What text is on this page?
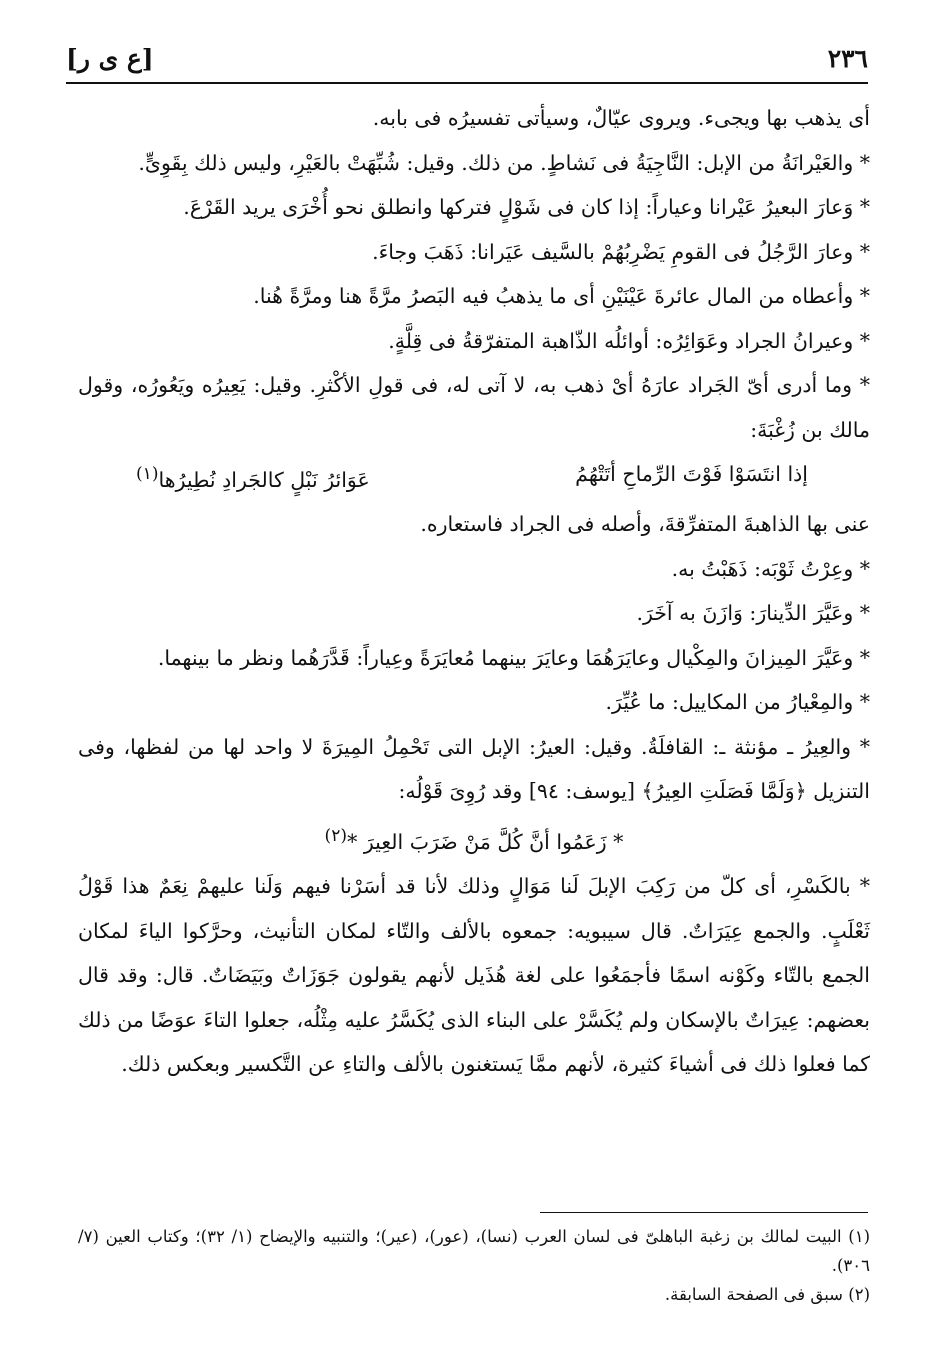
٢٣٦
[ع ى ر]

أى يذهب بها ويجىء. ويروى عيّالٌ، وسيأتى تفسيرُه فى بابه.

* والعَيْرانَةُ من الإبل: النَّاجِيَةُ فى نَشاطٍ. من ذلك. وقيل: شُبِّهَتْ بالعَيْرِ، وليس ذلك بِقَوِىٍّ.

* وَعارَ البعيرُ عَيْرانا وعياراً: إذا كان فى شَوْلٍ فتركها وانطلق نحو أُخْرَى يريد القَرْعَ.

* وعارَ الرَّجُلُ فى القومِ يَضْرِبُهُمْ بالسَّيف عَيَرانا: ذَهَبَ وجاءَ.

* وأعطاه من المال عائرةَ عَيْنَيْنِ أى ما يذهبُ فيه البَصرُ مرَّةً هنا ومرَّةً هُنا.

* وعيرانُ الجراد وعَوَائِرُه: أوائلُه الذّاهبة المتفرّقةُ فى قِلَّةٍ.

* وما أدرى أىّ الجَراد عارَهُ أىْ ذهب به، لا آتى له، فى قولِ الأكْثرِ. وقيل: يَعِيرُه ويَعُورُه، وقول مالك بن زُغْبَةَ:

إذا انتَسَوْا فَوْتَ الرِّماحِ أتَتْهُمُ
عَوَائرُ نَبْلٍ كالجَرادِ نُطِيرُها$^{(١)}$

عنى بها الذاهبةَ المتفرِّقةَ، وأصله فى الجراد فاستعاره.

* وعِرْتُ ثَوْبَه: ذَهَبْتُ به.

* وعَيَّرَ الدِّينارَ: وَازَنَ به آخَرَ.

* وعَيَّرَ المِيزانَ والمِكْيال وعايَرَهُمَا وعايَرَ بينهما مُعايَرَةً وعِياراً: قَدَّرَهُما ونظر ما بينهما.

* والمِعْيارُ من المكاييل: ما عُيِّرَ.

* والعِيرُ ـ مؤنثة ـ: القافلَةُ. وقيل: العيرُ: الإبل التى تَحْمِلُ المِيرَةَ لا واحد لها من لفظها، وفى التنزيل ﴿وَلَمَّا فَصَلَتِ العِيرُ﴾ [يوسف: ٩٤] وقد رُوِىَ قَوْلُه:

* زَعَمُوا أنَّ كُلَّ مَنْ ضَرَبَ العِيرَ *$^{(٢)}$

* بالكَسْرِ، أى كلّ من رَكِبَ الإبلَ لَنا مَوَالٍ وذلك لأنا قد أسَرْنا فيهم وَلَنا عليهمْ نِعَمٌ هذا قَوْلُ ثَعْلَبٍ. والجمع عِيَرَاتٌ. قال سيبويه: جمعوه بالألف والتّاء لمكان التأنيث، وحرَّكوا الياءَ لمكان الجمع بالتّاء وكَوْنه اسمًا فأجمَعُوا على لغة هُذَيل لأنهم يقولون جَوَزَاتٌ وبَيَضَاتٌ. قال: وقد قال بعضهم: عِيرَاتٌ بالإسكان ولم يُكَسَّرْ على البناء الذى يُكَسَّرُ عليه مِثْلُه، جعلوا التاءَ عوَضًا من ذلك كما فعلوا ذلك فى أشياءَ كثيرة، لأنهم ممَّا يَستغنون بالألف والتاءِ عن التَّكسير وبعكس ذلك.

(١) البيت لمالك بن زغبة الباهلىّ فى لسان العرب (نسا)، (عور)، (عير)؛ والتنبيه والإيضاح (١/ ٣٢)؛ وكتاب العين (٧/ ٣٠٦).

(٢) سبق فى الصفحة السابقة.
